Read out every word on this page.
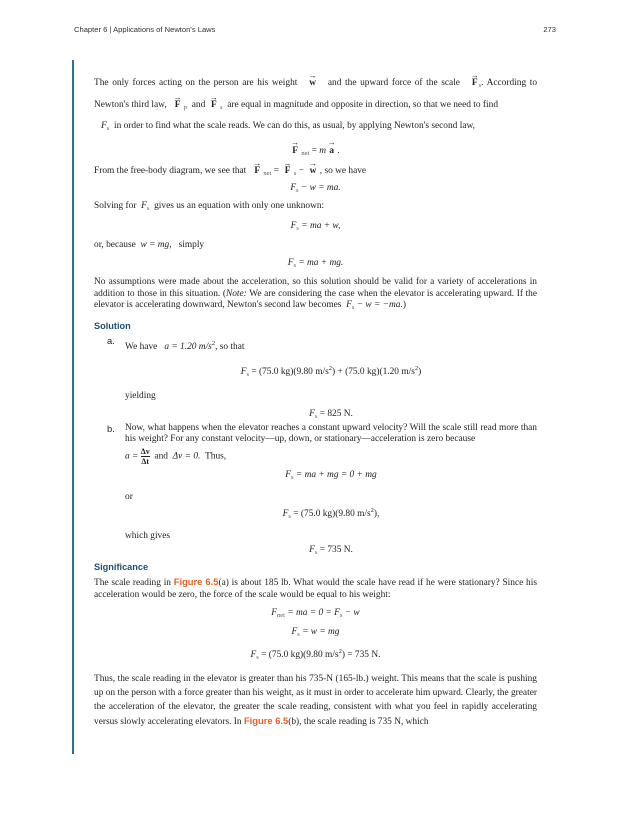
Chapter 6 | Applications of Newton's Laws	273

The only forces acting on the person are his weight → w and the upward force of the scale → $F_s$. According to Newton's third law, → F $_p$ and → F $_s$ are equal in magnitude and opposite in direction, so that we need to find
$F_s$ in order to find what the scale reads. We can do this, as usual, by applying Newton's second law,

→ F $_{net}$ = m → a .

From the free-body diagram, we see that → F $_{net}$ =  → F $_s$ −  → w , so we have

$F_s - w$ = ma.

Solving for $F_s$ gives us an equation with only one unknown:

$F_s$ = ma + w,

or, because w = mg, simply

$F_s$ = ma + mg.

No assumptions were made about the acceleration, so this solution should be valid for a variety of accelerations in addition to those in this situation. (Note: We are considering the case when the elevator is accelerating upward. If the elevator is accelerating downward, Newton's second law becomes $F_s - w = -ma$.)

Solution

a.

We have a = 1.20 $m/s^2$, so that

$F_s = (75.0$ kg)(9.80 $m/s^2) + (75.0$ kg)(1.20 $m/s^2$)

yielding

$F_s = 825$ N.

b. Now, what happens when the elevator reaches a constant upward velocity? Will the scale still read more than his weight? For any constant velocity—up, down, or stationary—acceleration is zero because

$a = \frac{\Delta v}{\Delta t}$ and Δv = 0. Thus,

$F_s$ = ma + mg = 0 + mg

or

$F_s = (75.0$ kg)(9.80 $m/s^2$),

which gives

$F_s = 735$ N.

Significance

The scale reading in Figure 6.5(a) is about 185 lb. What would the scale have read if he were stationary? Since his acceleration would be zero, the force of the scale would be equal to his weight:

$F_{net}$ = ma = $0 = F_s - w$

$F_s = w$ = mg

$F_s = (75.0$ kg)(9.80 $m/s^2) = 735$ N.

Thus, the scale reading in the elevator is greater than his 735-N (165-lb.) weight. This means that the scale is pushing up on the person with a force greater than his weight, as it must in order to accelerate him upward. Clearly, the greater the acceleration of the elevator, the greater the scale reading, consistent with what you feel in rapidly accelerating versus slowly accelerating elevators. In Figure 6.5(b), the scale reading is 735 N, which
